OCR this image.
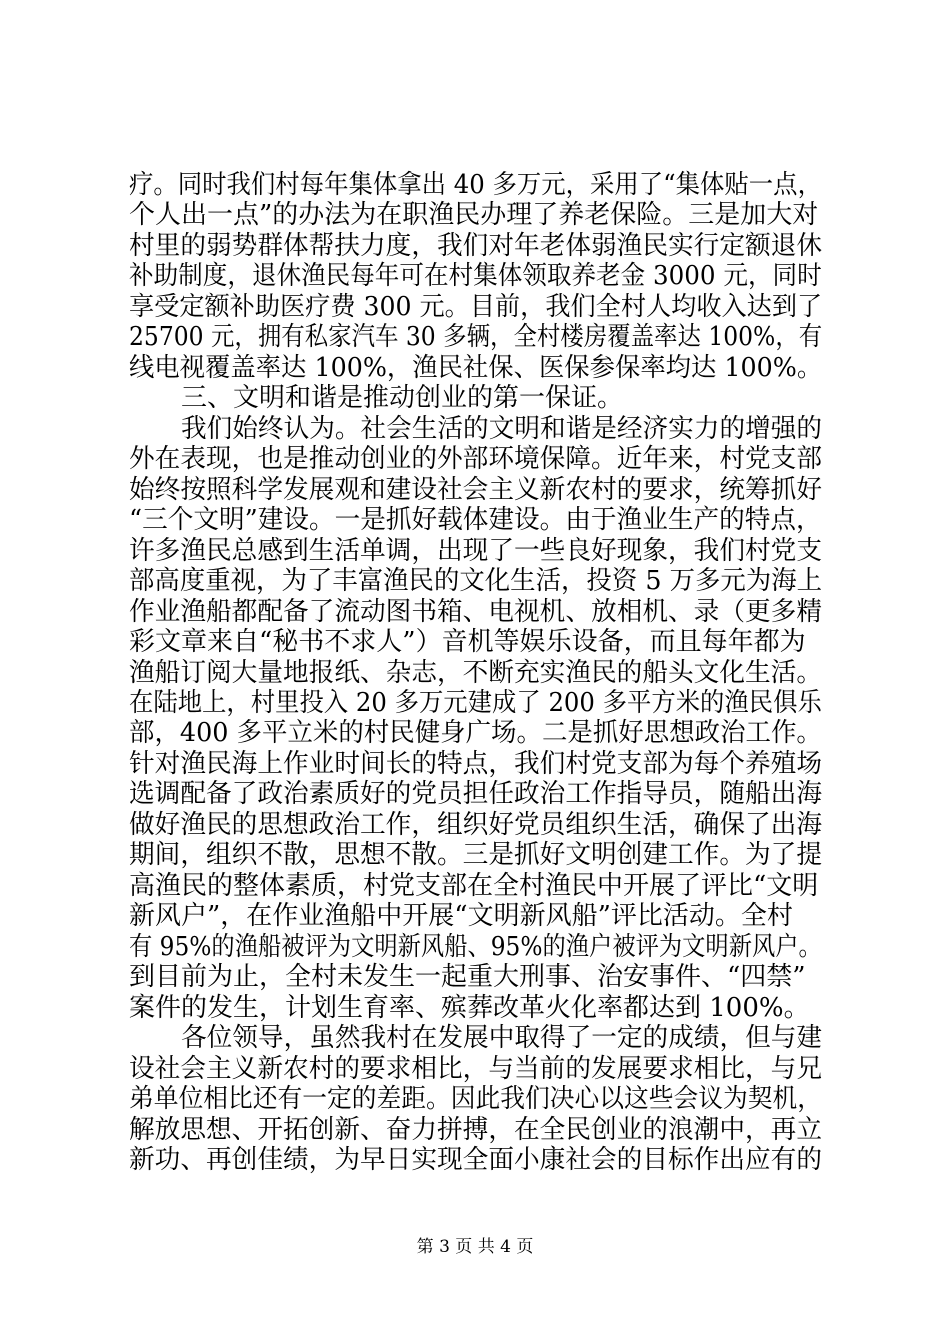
疗。同时我们村每年集体拿出 40 多万元，采用了“集体贴一点，
个人出一点”的办法为在职渔民办理了养老保险。三是加大对
村里的弱势群体帮扶力度，我们对年老体弱渔民实行定额退休
补助制度，退休渔民每年可在村集体领取养老金 3000 元，同时
享受定额补助医疗费 300 元。目前，我们全村人均收入达到了
25700 元，拥有私家汽车 30 多辆，全村楼房覆盖率达 100%，有
线电视覆盖率达 100%，渔民社保、医保参保率均达 100%。
三、文明和谐是推动创业的第一保证。
我们始终认为。社会生活的文明和谐是经济实力的增强的
外在表现，也是推动创业的外部环境保障。近年来，村党支部
始终按照科学发展观和建设社会主义新农村的要求，统筹抓好
“三个文明”建设。一是抓好载体建设。由于渔业生产的特点，
许多渔民总感到生活单调，出现了一些良好现象，我们村党支
部高度重视，为了丰富渔民的文化生活，投资 5 万多元为海上
作业渔船都配备了流动图书箱、电视机、放相机、录（更多精
彩文章来自“秘书不求人”）音机等娱乐设备，而且每年都为
渔船订阅大量地报纸、杂志，不断充实渔民的船头文化生活。
在陆地上，村里投入 20 多万元建成了 200 多平方米的渔民俱乐
部，400 多平立米的村民健身广场。二是抓好思想政治工作。
针对渔民海上作业时间长的特点，我们村党支部为每个养殖场
选调配备了政治素质好的党员担任政治工作指导员，随船出海
做好渔民的思想政治工作，组织好党员组织生活，确保了出海
期间，组织不散，思想不散。三是抓好文明创建工作。为了提
高渔民的整体素质，村党支部在全村渔民中开展了评比“文明
新风户”，在作业渔船中开展“文明新风船”评比活动。全村
有 95%的渔船被评为文明新风船、95%的渔户被评为文明新风户。
到目前为止，全村未发生一起重大刑事、治安事件、“四禁”
案件的发生，计划生育率、殡葬改革火化率都达到 100%。
各位领导，虽然我村在发展中取得了一定的成绩，但与建
设社会主义新农村的要求相比，与当前的发展要求相比，与兄
弟单位相比还有一定的差距。因此我们决心以这些会议为契机，
解放思想、开拓创新、奋力拼搏，在全民创业的浪潮中，再立
新功、再创佳绩，为早日实现全面小康社会的目标作出应有的
第 3 页 共 4 页
